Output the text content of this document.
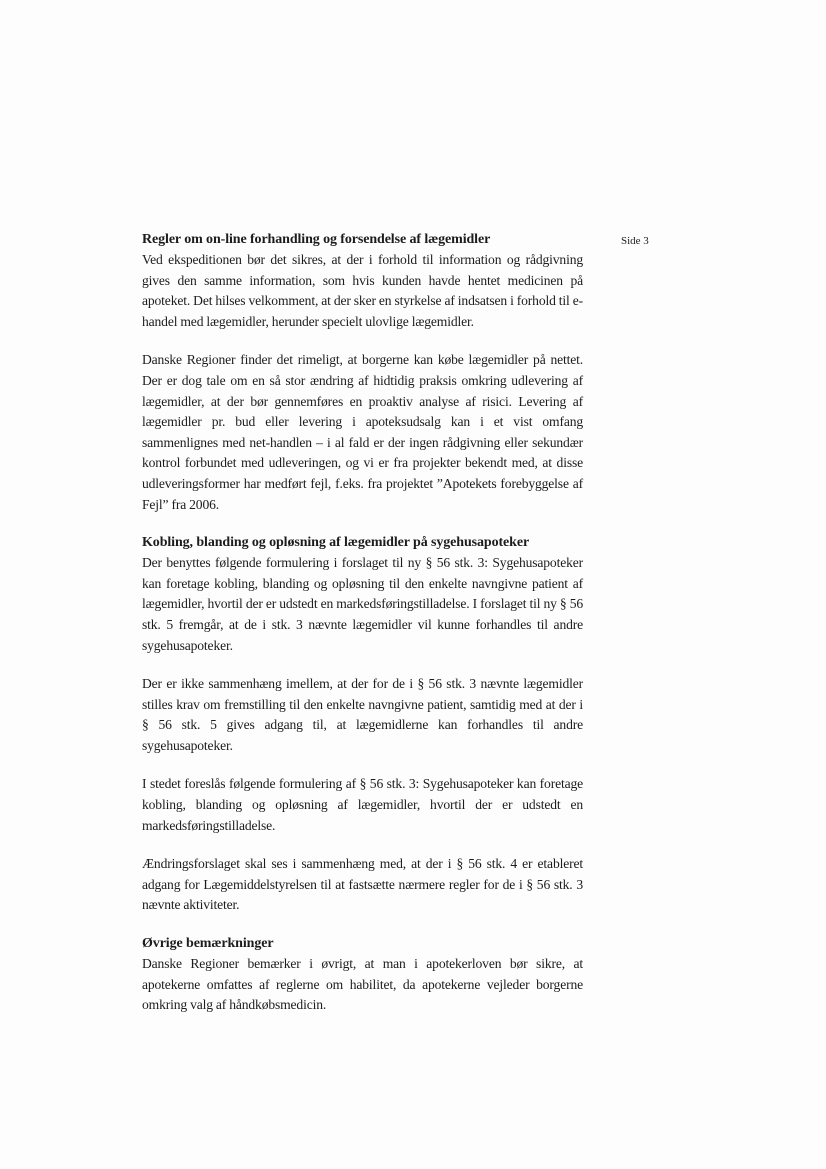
Side 3

Regler om on-line forhandling og forsendelse af lægemidler

Ved ekspeditionen bør det sikres, at der i forhold til information og rådgivning gives den samme information, som hvis kunden havde hentet medicinen på apoteket. Det hilses velkomment, at der sker en styrkelse af indsatsen i forhold til e-handel med lægemidler, herunder specielt ulovlige lægemidler.

Danske Regioner finder det rimeligt, at borgerne kan købe lægemidler på nettet. Der er dog tale om en så stor ændring af hidtidig praksis omkring udlevering af lægemidler, at der bør gennemføres en proaktiv analyse af risici. Levering af lægemidler pr. bud eller levering i apoteksudsalg kan i et vist omfang sammenlignes med net-handlen – i al fald er der ingen rådgivning eller sekundær kontrol forbundet med udleveringen, og vi er fra projekter bekendt med, at disse udleveringsformer har medført fejl, f.eks. fra projektet ”Apotekets forebyggelse af Fejl” fra 2006.

Kobling, blanding og opløsning af lægemidler på sygehusapoteker

Der benyttes følgende formulering i forslaget til ny § 56 stk. 3: Sygehusapoteker kan foretage kobling, blanding og opløsning til den enkelte navngivne patient af lægemidler, hvortil der er udstedt en markedsføringstilladelse. I forslaget til ny § 56 stk. 5 fremgår, at de i stk. 3 nævnte lægemidler vil kunne forhandles til andre sygehusapoteker.

Der er ikke sammenhæng imellem, at der for de i § 56 stk. 3 nævnte lægemidler stilles krav om fremstilling til den enkelte navngivne patient, samtidig med at der i § 56 stk. 5 gives adgang til, at lægemidlerne kan forhandles til andre sygehusapoteker.

I stedet foreslås følgende formulering af § 56 stk. 3: Sygehusapoteker kan foretage kobling, blanding og opløsning af lægemidler, hvortil der er udstedt en markedsføringstilladelse.

Ændringsforslaget skal ses i sammenhæng med, at der i § 56 stk. 4 er etableret adgang for Lægemiddelstyrelsen til at fastsætte nærmere regler for de i § 56 stk. 3 nævnte aktiviteter.

Øvrige bemærkninger

Danske Regioner bemærker i øvrigt, at man i apotekerloven bør sikre, at apotekerne omfattes af reglerne om habilitet, da apotekerne vejleder borgerne omkring valg af håndkøbsmedicin.
